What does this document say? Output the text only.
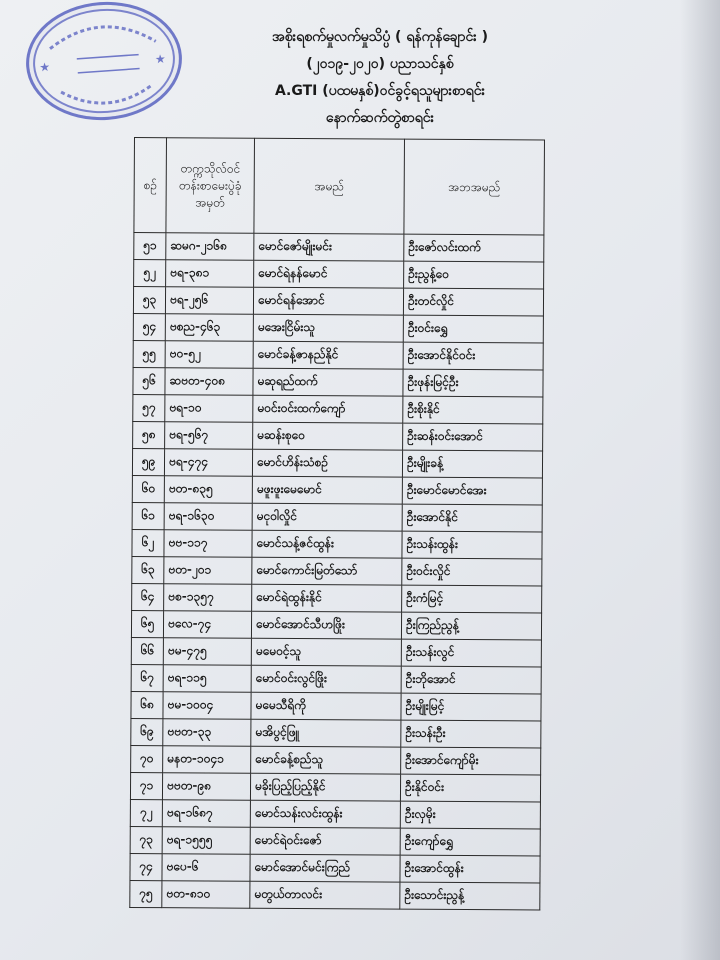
★
★
အစိုးရစက်မှုလက်မှုသိပ္ပံ ( ရန်ကုန်ချောင်း )
(၂၀၁၉-၂၀၂၀) ပညာသင်နှစ်
A.GTI (ပထမနှစ်)ဝင်ခွင့်ရသူများစာရင်း
နောက်ဆက်တွဲစာရင်း
စဉ်	တက္ကသိုလ်ဝင်တန်းစာမေးပွဲခုံအမှတ်	အမည်	အဘအမည်
၅၁	ဆမဂ-၂၁၆၈	မောင်ဇော်မျိုးမင်း	ဦးဇော်လင်းထက်
၅၂	ဗရ-၃၈၁	မောင်ရဲနန်မောင်	ဦးညွန့်ဝေ
၅၃	ဗရ-၂၅၆	မောင်ရန်အောင်	ဦးတင်လှိုင်
၅၄	ဗစည-၄၆၃	မအေးငြိမ်းသူ	ဦးဝင်းရွှေ
၅၅	ဗဝ-၅၂	မောင်ခန့်ဇာနည်နိုင်	ဦးအောင်နိုင်ဝင်း
၅၆	ဆဗတ-၄၀၈	မဆုရည်ထက်	ဦးဖုန်းမြင့်ဦး
၅၇	ဗရ-၁၀	မဝင်းဝင်းထက်ကျော်	ဦးစိုးနိုင်
၅၈	ဗရ-၅၆၇	မဆန်းစုဝေ	ဦးဆန်းဝင်းအောင်
၅၉	ဗရ-၄၇၄	မောင်ဟိန်းသံစဉ်	ဦးမျိုးခန့်
၆၀	ဗတ-၈၃၅	မဖူးဖူးမေမောင်	ဦးမောင်မောင်အေး
၆၁	ဗရ-၁၆၃၀	မငုဝါလှိုင်	ဦးအောင်နိုင်
၆၂	ဗဗ-၁၁၇	မောင်သန့်ဇင်ထွန်း	ဦးသန်းထွန်း
၆၃	ဗတ-၂၀၁	မောင်ကောင်းမြတ်သော်	ဦးဝင်းလှိုင်
၆၄	ဗစ-၁၃၅၇	မောင်ရဲထွန်းနိုင်	ဦးကံမြင့်
၆၅	ဗလေ-၇၄	မောင်အောင်သီဟဖြိုး	ဦးကြည်ညွန့်
၆၆	ဗမ-၄၇၅	မမေဝင့်သူ	ဦးသန်းလွင်
၆၇	ဗရ-၁၁၅	မောင်ဝင်းလွင်ဖြိုး	ဦးဘိုအောင်
၆၈	ဗမ-၁၀၀၄	မမေသီရိကို	ဦးမျိုးမြင့်
၆၉	ဗဗတ-၃၃	မအိပွင့်ဖြူ	ဦးသန်းဦး
၇၀	မနတ-၁၀၄၁	မောင်ခန့်စည်သူ	ဦးအောင်ကျော်မိုး
၇၁	ဗဗတ-၉၈	မခိုးပြည့်ပြည့်နိုင်	ဦးနိုင်ဝင်း
၇၂	ဗရ-၁၆၈၇	မောင်သန်းလင်းထွန်း	ဦးလှမိုး
၇၃	ဗရ-၁၅၅၅	မောင်ရဲဝင်းဇော်	ဦးကျော်ရွှေ
၇၄	ဗပေ-၆	မောင်အောင်မင်းကြည်	ဦးအောင်ထွန်း
၇၅	ဗတ-၈၁၀	မတွယ်တာလင်း	ဦးသောင်းညွန့်
